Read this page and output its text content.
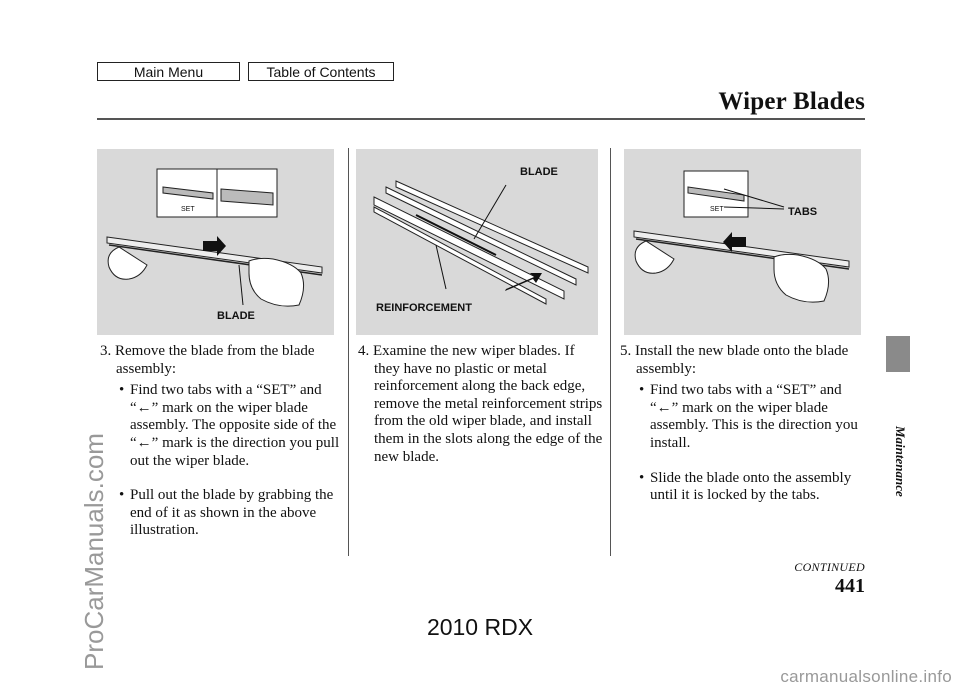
Main Menu	Table of Contents
Wiper Blades
SET
BLADE
BLADE
REINFORCEMENT
SET	TABS

3. Remove the blade from the blade assembly:

• Find two tabs with a “SET” and “←” mark on the wiper blade assembly. The opposite side of the “←” mark is the direction you pull out the wiper blade.
• Pull out the blade by grabbing the end of it as shown in the above illustration.

4. Examine the new wiper blades. If they have no plastic or metal reinforcement along the back edge, remove the metal reinforcement strips from the old wiper blade, and install them in the slots along the edge of the new blade.

5. Install the new blade onto the blade assembly:

• Find two tabs with a “SET” and “←” mark on the wiper blade assembly. This is the direction you install.
• Slide the blade onto the assembly until it is locked by the tabs.	Maintenance
CONTINUED
441
ProCarManuals.com	2010 RDX
carmanualsonline.info
